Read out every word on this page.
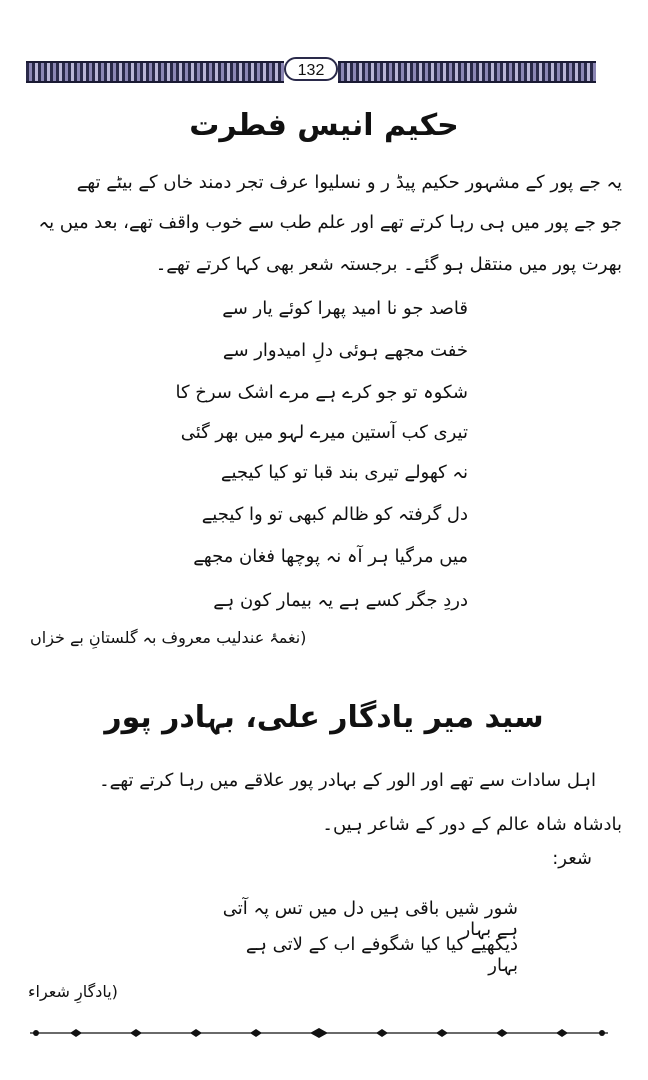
132
حکیم انیس فطرت
یہ جے پور کے مشہور حکیم پیڈ ر و نسلیوا عرف تجر دمند خاں کے بیٹے تھے
جو جے پور میں ہی رہا کرتے تھے اور علم طب سے خوب واقف تھے، بعد میں یہ
بھرت پور میں منتقل ہو گئے۔ برجستہ شعر بھی کہا کرتے تھے۔
قاصد جو نا امید پھرا کوئے یار سے
خفت مجھے ہوئی دلِ امیدوار سے
شکوہ تو جو کرے ہے مرے اشک سرخ کا
تیری کب آستین میرے لہو میں بھر گئی
نہ کھولے تیری بند قبا تو کیا کیجیے
دل گرفتہ کو ظالم کبھی تو وا کیجیے
میں مرگیا ہر آہ نہ پوچھا فغان مجھے
دردِ جگر کسے ہے یہ بیمار کون ہے
(نغمۂ عندلیب معروف بہ گلستانِ بے خزاں
سید میر یادگار علی، بہادر پور
اہل سادات سے تھے اور الور کے بہادر پور علاقے میں رہا کرتے تھے۔
بادشاہ شاہ عالم کے دور کے شاعر ہیں۔
شعر:
شور شیں باقی ہیں دل میں تس پہ آتی ہے بہار
دیکھیے کیا کیا شگوفے اب کے لاتی ہے بہار
(یادگارِ شعراء
